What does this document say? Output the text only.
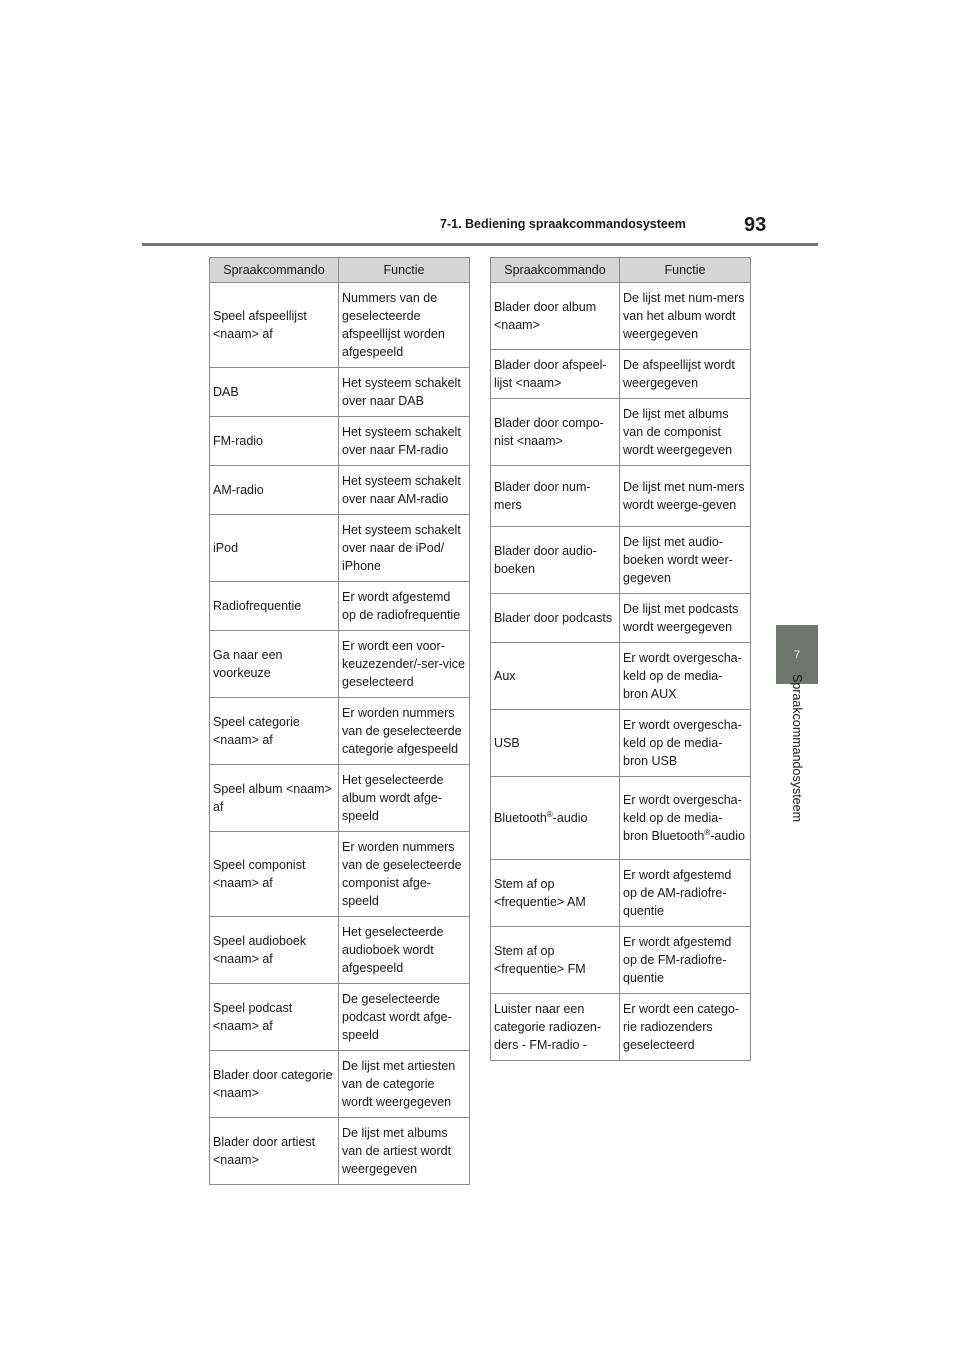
7-1. Bediening spraakcommandosysteem	93
7
Spraakcommandosysteem
Spraakcommando	Functie
Speel afspeellijst <naam> af	Nummers van de geselecteerde afspeellijst worden afgespeeld
DAB	Het systeem schakelt over naar DAB
FM-radio	Het systeem schakelt over naar FM-radio
AM-radio	Het systeem schakelt over naar AM-radio
iPod	Het systeem schakelt over naar de iPod/ iPhone
Radiofrequentie	Er wordt afgestemd op de radiofrequentie
Ga naar een voorkeuze	Er wordt een voor-keuzezender/-ser-vice geselecteerd
Speel categorie <naam> af	Er worden nummers van de geselecteerde categorie afgespeeld
Speel album <naam> af	Het geselecteerde album wordt afge-speeld
Speel componist <naam> af	Er worden nummers van de geselecteerde componist afge-speeld
Speel audioboek <naam> af	Het geselecteerde audioboek wordt afgespeeld
Speel podcast <naam> af	De geselecteerde podcast wordt afge-speeld
Blader door categorie <naam>	De lijst met artiesten van de categorie wordt weergegeven
Blader door artiest <naam>	De lijst met albums van de artiest wordt weergegeven
Spraakcommando	Functie
Blader door album <naam>	De lijst met num-mers van het album wordt weergegeven
Blader door afspeel-lijst <naam>	De afspeellijst wordt weergegeven
Blader door compo-nist <naam>	De lijst met albums van de componist wordt weergegeven
Blader door num-mers	De lijst met num-mers wordt weerge-geven
Blader door audio-boeken	De lijst met audio-boeken wordt weer-gegeven
Blader door podcasts	De lijst met podcasts wordt weergegeven
Aux	Er wordt overgescha-keld op de media-bron AUX
USB	Er wordt overgescha-keld op de media-bron USB
Bluetooth®-audio	Er wordt overgescha-keld op de media-bron Bluetooth®-audio
Stem af op <frequentie> AM	Er wordt afgestemd op de AM-radiofre-quentie
Stem af op <frequentie> FM	Er wordt afgestemd op de FM-radiofre-quentie
Luister naar een categorie radiozen-ders - FM-radio -	Er wordt een catego-rie radiozenders geselecteerd
